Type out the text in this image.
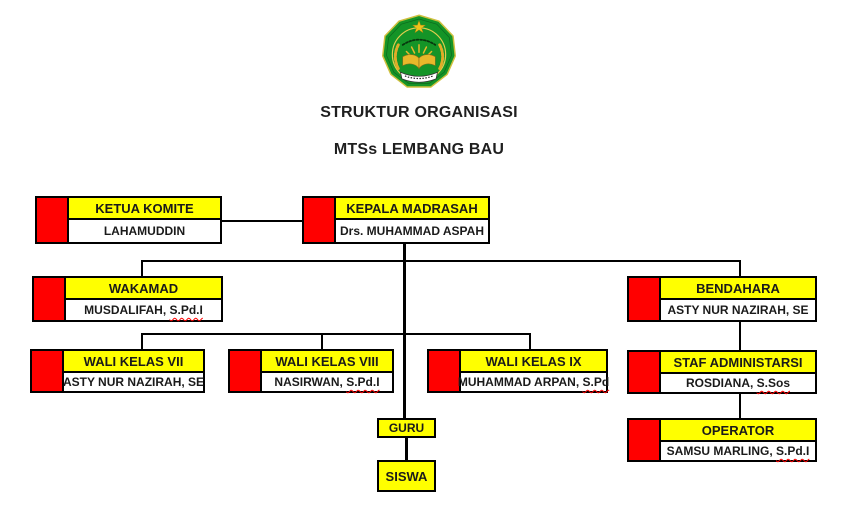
STRUKTUR ORGANISASI
MTSs LEMBANG BAU
KETUA KOMITE
LAHAMUDDIN
KEPALA MADRASAH
Drs. MUHAMMAD ASPAH
WAKAMAD
MUSDALIFAH, S.Pd.I
BENDAHARA
ASTY NUR NAZIRAH, SE
WALI KELAS VII
ASTY NUR NAZIRAH, SE
WALI KELAS VIII
NASIRWAN, S.Pd.I
WALI KELAS IX
MUHAMMAD ARPAN, S.Pd
STAF ADMINISTARSI
ROSDIANA, S.Sos
OPERATOR
SAMSU MARLING, S.Pd.I
GURU
SISWA
